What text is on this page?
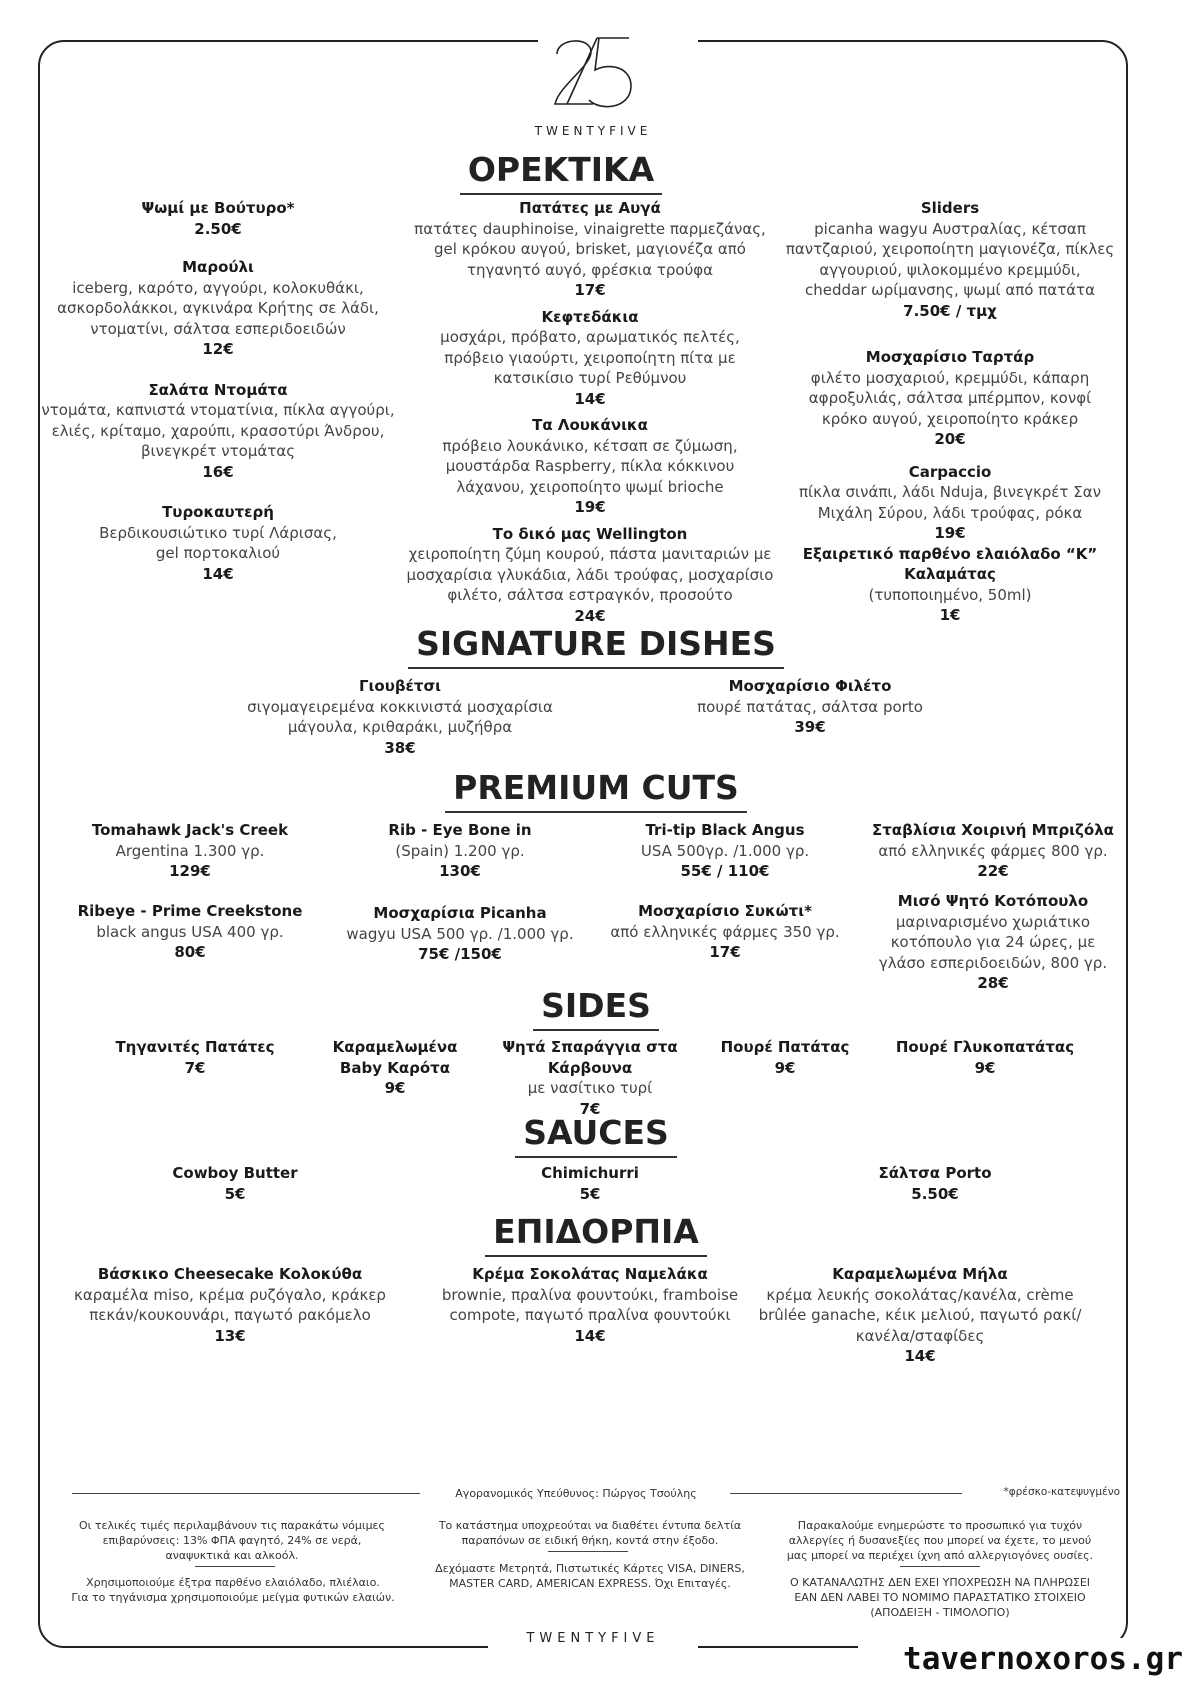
TWENTYFIVE
ΟΡΕΚΤΙΚΑ
Ψωμί με Βούτυρο*
2.50€
Μαρούλι
iceberg, καρότο, αγγούρι, κολοκυθάκι,
ασκορδολάκκοι, αγκινάρα Κρήτης σε λάδι,
ντοματίνι, σάλτσα εσπεριδοειδών
12€
Σαλάτα Ντομάτα
ντομάτα, καπνιστά ντοματίνια, πίκλα αγγούρι,
ελιές, κρίταμο, χαρούπι, κρασοτύρι Άνδρου,
βινεγκρέτ ντομάτας
16€
Τυροκαυτερή
Βερδικουσιώτικο τυρί Λάρισας,
gel πορτοκαλιού
14€
Πατάτες με Αυγά
πατάτες dauphinoise, vinaigrette παρμεζάνας,
gel κρόκου αυγού, brisket, μαγιονέζα από
τηγανητό αυγό, φρέσκια τρούφα
17€
Κεφτεδάκια
μοσχάρι, πρόβατο, αρωματικός πελτές,
πρόβειο γιαούρτι, χειροποίητη πίτα με
κατσικίσιο τυρί Ρεθύμνου
14€
Τα Λουκάνικα
πρόβειο λουκάνικο, κέτσαπ σε ζύμωση,
μουστάρδα Raspberry, πίκλα κόκκινου
λάχανου, χειροποίητο ψωμί brioche
19€
Το δικό μας Wellington
χειροποίητη ζύμη κουρού, πάστα μανιταριών με
μοσχαρίσια γλυκάδια, λάδι τρούφας, μοσχαρίσιο
φιλέτο, σάλτσα εστραγκόν, προσούτο
24€
Sliders
picanha wagyu Αυστραλίας, κέτσαπ
παντζαριού, χειροποίητη μαγιονέζα, πίκλες
αγγουριού, ψιλοκομμένο κρεμμύδι,
cheddar ωρίμανσης, ψωμί από πατάτα
7.50€ / τμχ
Μοσχαρίσιο Ταρτάρ
φιλέτο μοσχαριού, κρεμμύδι, κάπαρη
αφροξυλιάς, σάλτσα μπέρμπον, κονφί
κρόκο αυγού, χειροποίητο κράκερ
20€
Carpaccio
πίκλα σινάπι, λάδι Nduja, βινεγκρέτ Σαν
Μιχάλη Σύρου, λάδι τρούφας, ρόκα
19€
Εξαιρετικό παρθένο ελαιόλαδο “Κ”
Καλαμάτας
(τυποποιημένο, 50ml)
1€
SIGNATURE DISHES
Γιουβέτσι
σιγομαγειρεμένα κοκκινιστά μοσχαρίσια
μάγουλα, κριθαράκι, μυζήθρα
38€
Μοσχαρίσιο Φιλέτο
πουρέ πατάτας, σάλτσα porto
39€
PREMIUM CUTS
Tomahawk Jack's Creek
Argentina 1.300 γρ.
129€
Rib - Eye Bone in
(Spain) 1.200 γρ.
130€
Tri-tip Black Angus
USA 500γρ. /1.000 γρ.
55€ / 110€
Σταβλίσια Χοιρινή Μπριζόλα
από ελληνικές φάρμες 800 γρ.
22€
Ribeye - Prime Creekstone
black angus USA 400 γρ.
80€
Μοσχαρίσια Picanha
wagyu USA 500 γρ. /1.000 γρ.
75€ /150€
Μοσχαρίσιο Συκώτι*
από ελληνικές φάρμες 350 γρ.
17€
Μισό Ψητό Κοτόπουλο
μαριναρισμένο χωριάτικο
κοτόπουλο για 24 ώρες, με
γλάσο εσπεριδοειδών, 800 γρ.
28€
SIDES
Τηγανιτές Πατάτες
7€
Καραμελωμένα
Baby Καρότα
9€
Ψητά Σπαράγγια στα
Κάρβουνα
με νασίτικο τυρί
7€
Πουρέ Πατάτας
9€
Πουρέ Γλυκοπατάτας
9€
SAUCES
Cowboy Butter
5€
Chimichurri
5€
Σάλτσα Porto
5.50€
ΕΠΙΔΟΡΠΙΑ
Βάσκικο Cheesecake Κολοκύθα
καραμέλα miso, κρέμα ρυζόγαλο, κράκερ
πεκάν/κουκουνάρι, παγωτό ρακόμελο
13€
Κρέμα Σοκολάτας Ναμελάκα
brownie, πραλίνα φουντούκι, framboise
compote, παγωτό πραλίνα φουντούκι
14€
Καραμελωμένα Μήλα
κρέμα λευκής σοκολάτας/κανέλα, crème
brûlée ganache, κέικ μελιού, παγωτό ρακί/
κανέλα/σταφίδες
14€
Αγορανομικός Υπεύθυνος: Πώργος Τσούλης	*φρέσκο-κατεψυγμένο
Οι τελικές τιμές περιλαμβάνουν τις παρακάτω νόμιμες
επιβαρύνσεις: 13% ΦΠΑ φαγητό, 24% σε νερά,
αναψυκτικά και αλκοόλ.
Χρησιμοποιούμε έξτρα παρθένο ελαιόλαδο, πλιέλαιο.
Για το τηγάνισμα χρησιμοποιούμε μείγμα φυτικών ελαιών.
Το κατάστημα υποχρεούται να διαθέτει έντυπα δελτία
παραπόνων σε ειδική θήκη, κοντά στην έξοδο.
Δεχόμαστε Μετρητά, Πιστωτικές Κάρτες VISA, DINERS,
MASTER CARD, AMERICAN EXPRESS. Όχι Επιταγές.
Παρακαλούμε ενημερώστε το προσωπικό για τυχόν
αλλεργίες ή δυσανεξίες που μπορεί να έχετε, το μενού
μας μπορεί να περιέχει ίχνη από αλλεργιογόνες ουσίες.
Ο ΚΑΤΑΝΑΛΩΤΗΣ ΔΕΝ ΕΧΕΙ ΥΠΟΧΡΕΩΣΗ ΝΑ ΠΛΗΡΩΣΕΙ
ΕΑΝ ΔΕΝ ΛΑΒΕΙ ΤΟ ΝΟΜΙΜΟ ΠΑΡΑΣΤΑΤΙΚΟ ΣΤΟΙΧΕΙΟ
(ΑΠΟΔΕΙΞΗ - ΤΙΜΟΛΟΓΙΟ)
TWENTYFIVE
tavernoxoros.gr
